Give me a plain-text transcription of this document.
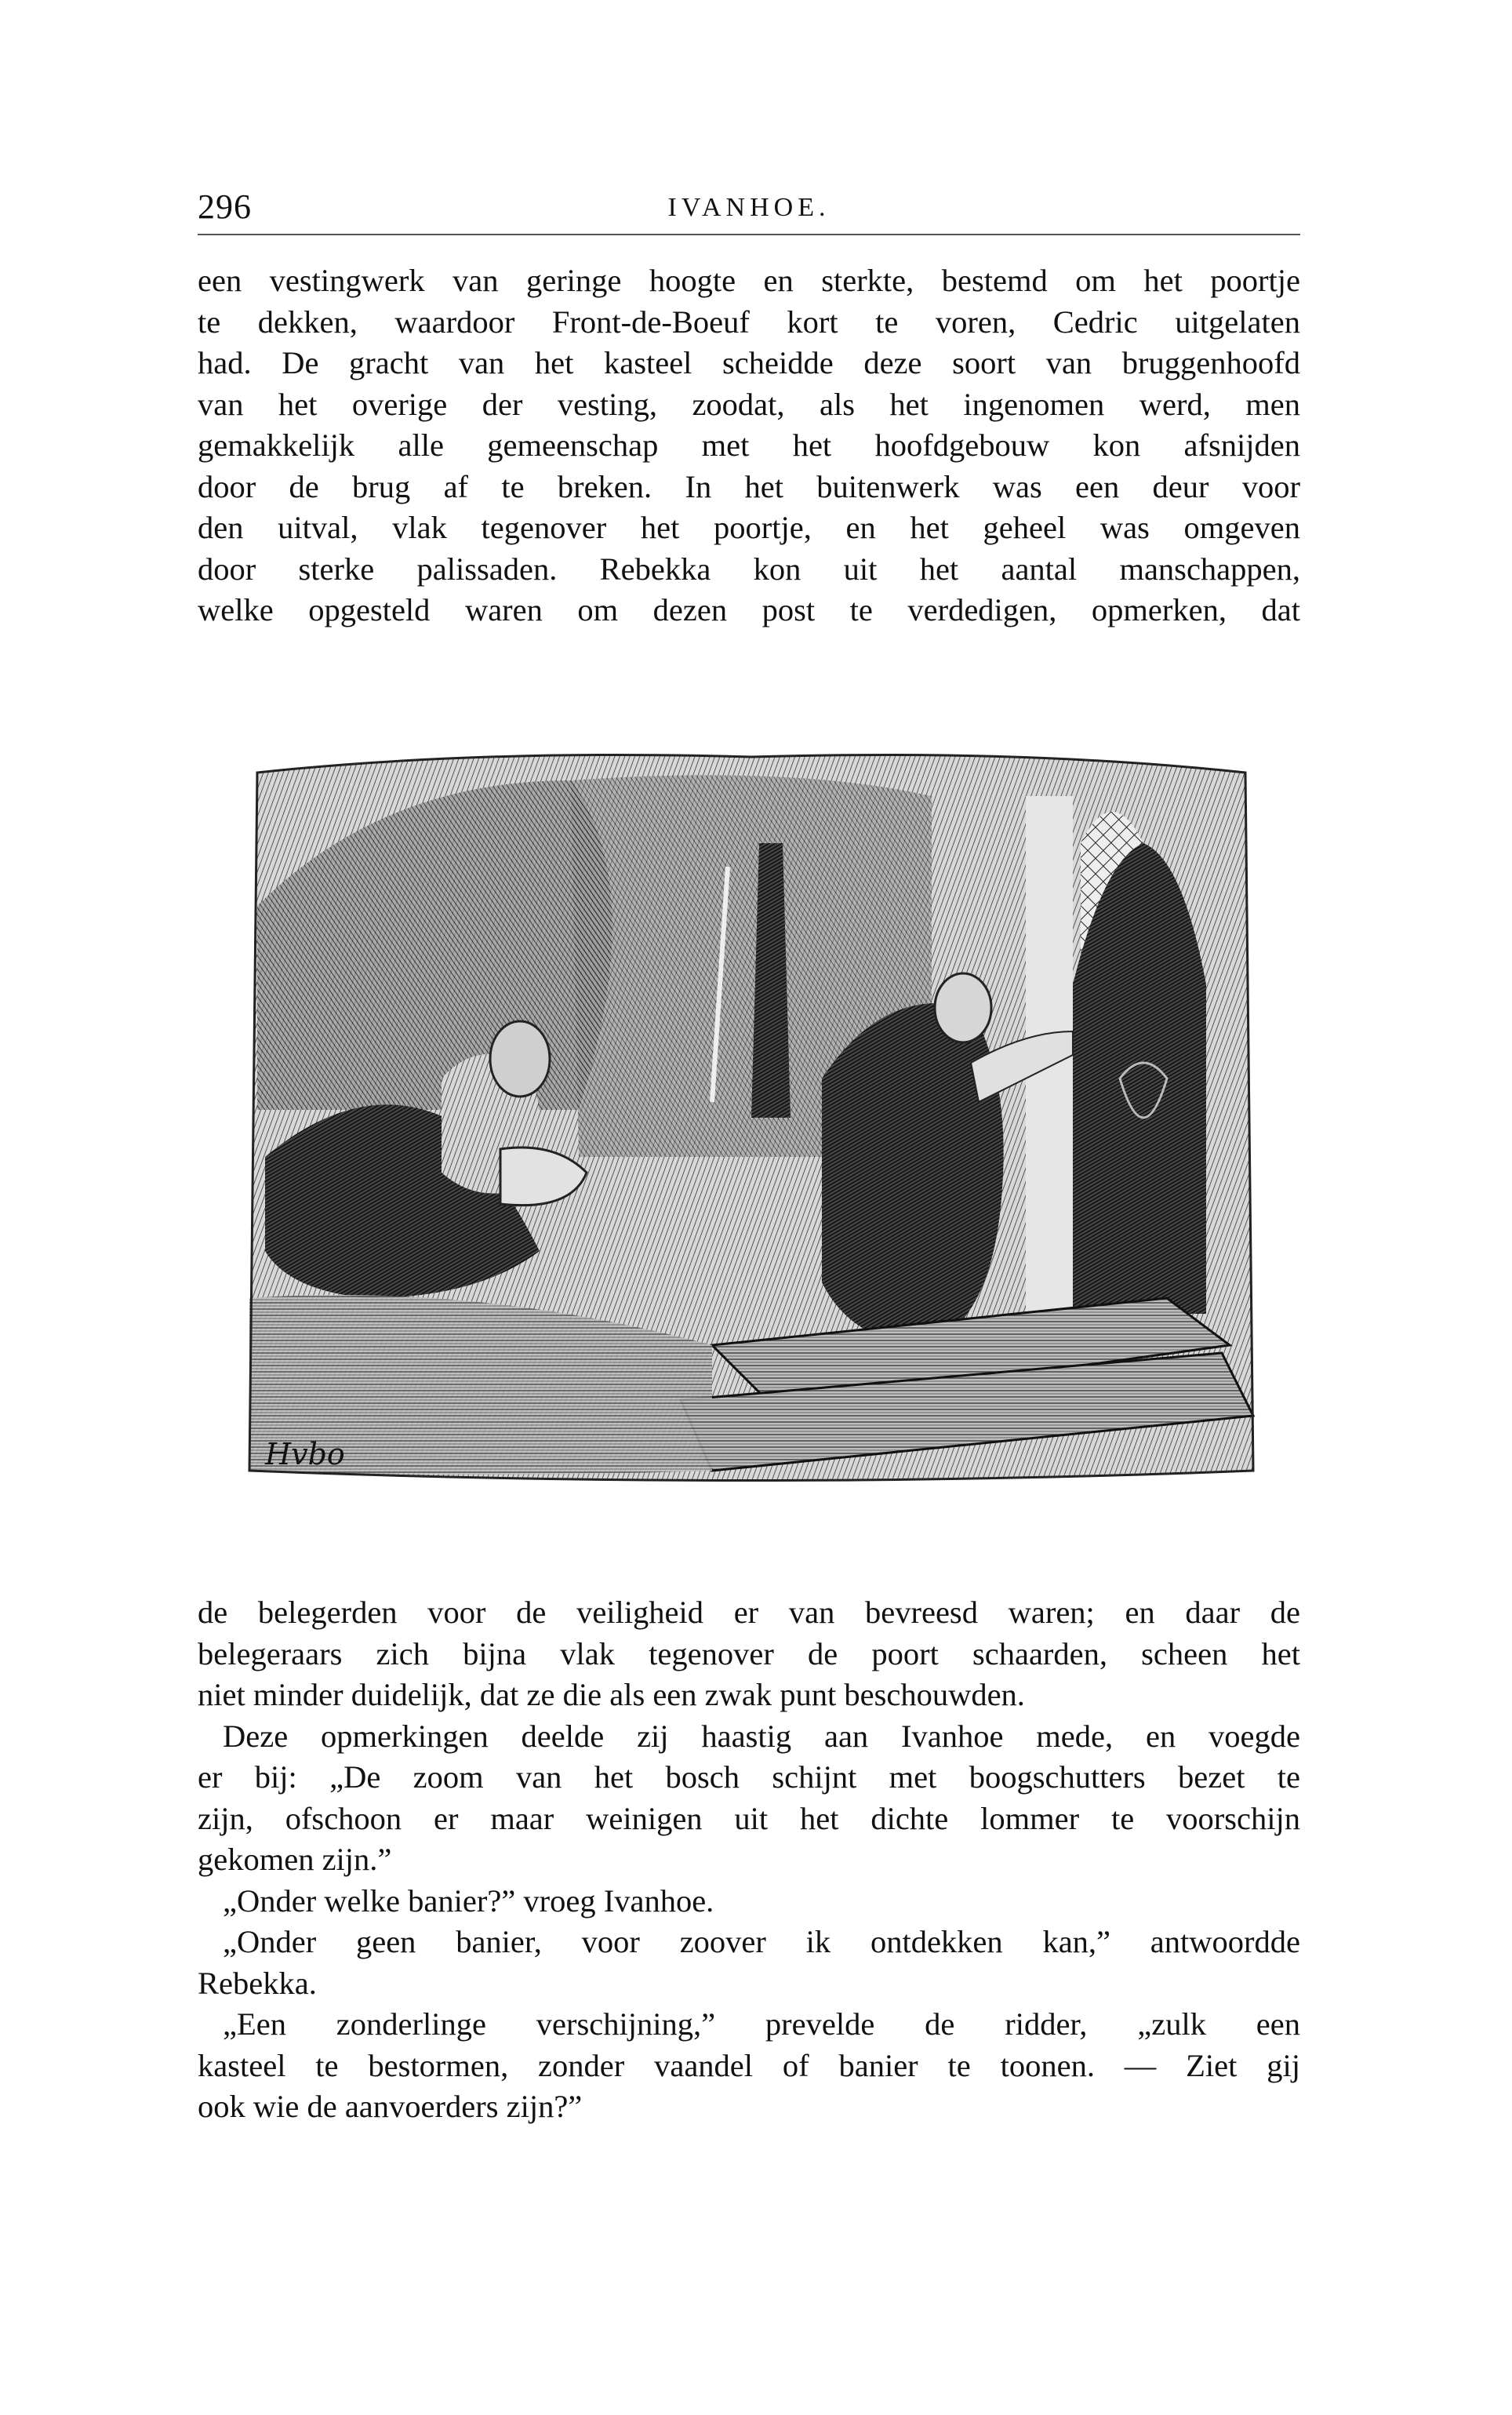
296	IVANHOE.

een vestingwerk van geringe hoogte en sterkte, bestemd om het poortje

te dekken, waardoor Front-de-Boeuf kort te voren, Cedric uitgelaten

had. De gracht van het kasteel scheidde deze soort van bruggenhoofd

van het overige der vesting, zoodat, als het ingenomen werd, men

gemakkelijk alle gemeenschap met het hoofdgebouw kon afsnijden

door de brug af te breken. In het buitenwerk was een deur voor

den uitval, vlak tegenover het poortje, en het geheel was omgeven

door sterke palissaden. Rebekka kon uit het aantal manschappen,

welke opgesteld waren om dezen post te verdedigen, opmerken, dat

Hvbo

de belegerden voor de veiligheid er van bevreesd waren; en daar de

belegeraars zich bijna vlak tegenover de poort schaarden, scheen het

niet minder duidelijk, dat ze die als een zwak punt beschouwden.

Deze opmerkingen deelde zij haastig aan Ivanhoe mede, en voegde

er bij: „De zoom van het bosch schijnt met boogschutters bezet te

zijn, ofschoon er maar weinigen uit het dichte lommer te voorschijn

gekomen zijn.”

„Onder welke banier?” vroeg Ivanhoe.

„Onder geen banier, voor zoover ik ontdekken kan,” antwoordde

Rebekka.

„Een zonderlinge verschijning,” prevelde de ridder, „zulk een

kasteel te bestormen, zonder vaandel of banier te toonen. — Ziet gij

ook wie de aanvoerders zijn?”
